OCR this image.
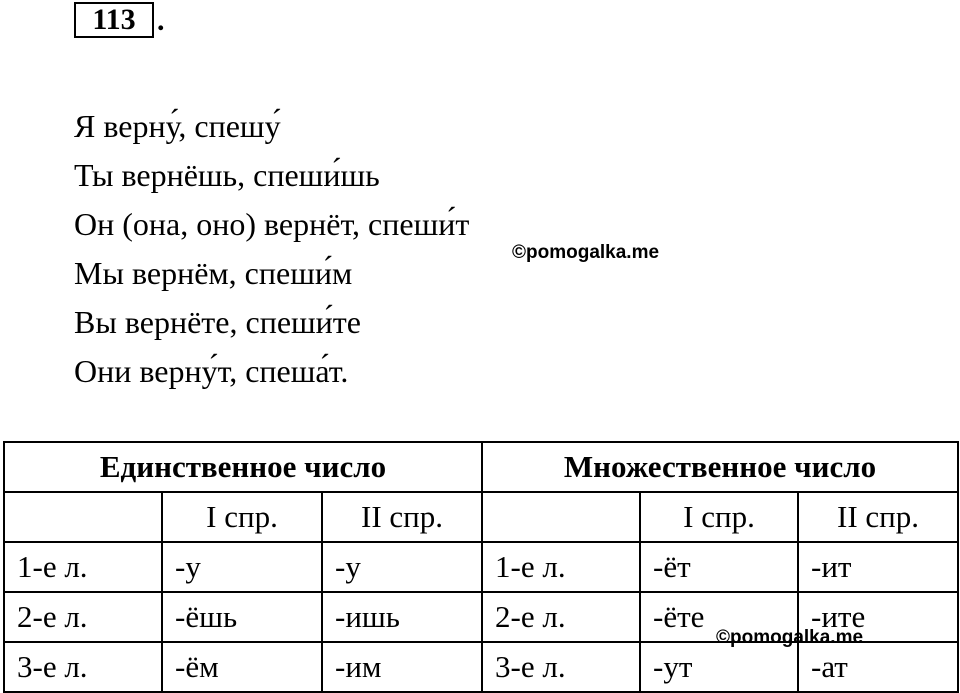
113 .
Я верну́, спешу́
Ты вернёшь, спеши́шь
Он (она, оно) вернёт, спеши́т
Мы вернём, спеши́м
Вы вернёте, спеши́те
Они верну́т, спеша́т.
©pomogalka.me
Единственное число			Множественное число		
	I спр.	II спр.		I спр.	II спр.
1-е л.	-у	-у	1-е л.	-ёт	-ит
2-е л.	-ёшь	-ишь	2-е л.	-ёте	-ите
3-е л.	-ём	-им	3-е л.	-ут	-ат
©pomogalka.me
